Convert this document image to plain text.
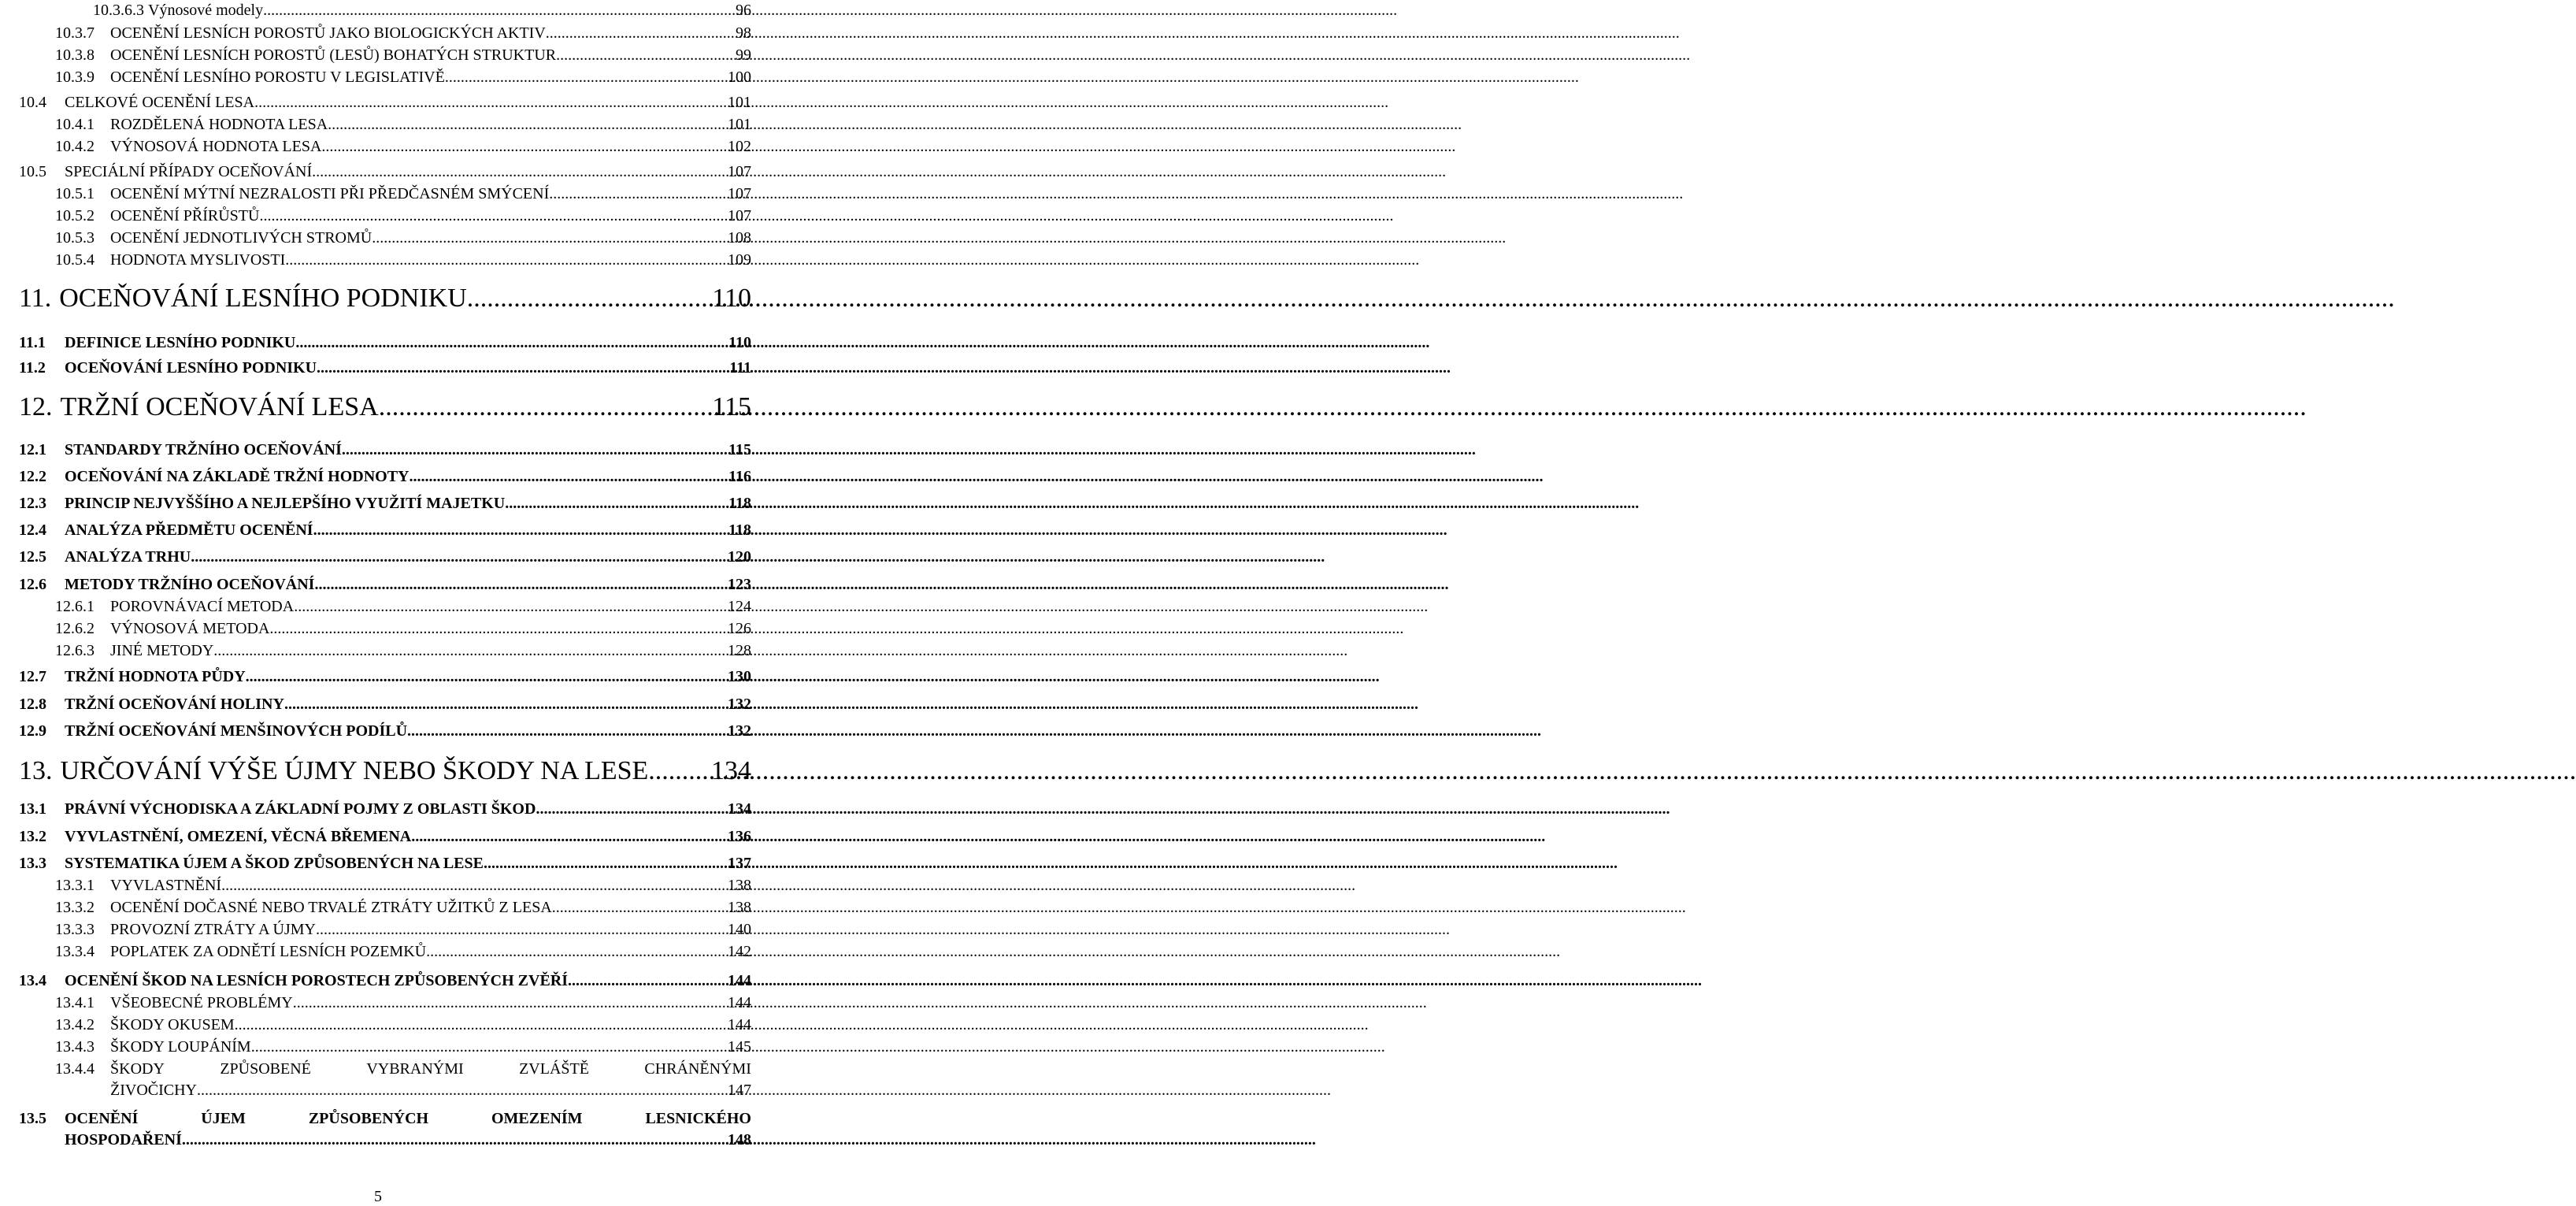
10.3.6.3 Výnosové modely .....	96
10.3.7	OCENĚNÍ LESNÍCH POROSTŮ JAKO BIOLOGICKÝCH AKTIV .....	98
10.3.8	OCENĚNÍ LESNÍCH POROSTŮ (LESŮ) BOHATÝCH STRUKTUR .....	99
10.3.9	OCENĚNÍ LESNÍHO POROSTU V LEGISLATIVĚ .....	100
10.4	CELKOVÉ OCENĚNÍ LESA .....	101
10.4.1	ROZDĚLENÁ HODNOTA LESA .....	101
10.4.2	VÝNOSOVÁ HODNOTA LESA .....	102
10.5	SPECIÁLNÍ PŘÍPADY OCEŇOVÁNÍ .....	107
10.5.1	OCENĚNÍ MÝTNÍ NEZRALOSTI PŘI PŘEDČASNÉM SMÝCENÍ .....	107
10.5.2	OCENĚNÍ PŘÍRŮSTŮ .....	107
10.5.3	OCENĚNÍ JEDNOTLIVÝCH STROMŮ .....	108
10.5.4	HODNOTA MYSLIVOSTI .....	109
11. OCEŇOVÁNÍ LESNÍHO PODNIKU .....	110
11.1	DEFINICE LESNÍHO PODNIKU .....	110
11.2	OCEŇOVÁNÍ LESNÍHO PODNIKU .....	111
12. TRŽNÍ OCEŇOVÁNÍ LESA .....	115
12.1	STANDARDY TRŽNÍHO OCEŇOVÁNÍ .....	115
12.2	OCEŇOVÁNÍ NA ZÁKLADĚ TRŽNÍ HODNOTY .....	116
12.3	PRINCIP NEJVYŠŠÍHO A NEJLEPŠÍHO VYUŽITÍ MAJETKU .....	118
12.4	ANALÝZA PŘEDMĚTU OCENĚNÍ .....	118
12.5	ANALÝZA TRHU .....	120
12.6	METODY TRŽNÍHO OCEŇOVÁNÍ .....	123
12.6.1	POROVNÁVACÍ METODA .....	124
12.6.2	VÝNOSOVÁ METODA .....	126
12.6.3	JINÉ METODY .....	128
12.7	TRŽNÍ HODNOTA PŮDY .....	130
12.8	TRŽNÍ OCEŇOVÁNÍ HOLINY .....	132
12.9	TRŽNÍ OCEŇOVÁNÍ MENŠINOVÝCH PODÍLŮ .....	132
13. URČOVÁNÍ VÝŠE ÚJMY NEBO ŠKODY NA LESE ..... 134
13.1	PRÁVNÍ VÝCHODISKA A ZÁKLADNÍ POJMY Z OBLASTI ŠKOD .....	134
13.2	VYVLASTNĚNÍ, OMEZENÍ, VĚCNÁ BŘEMENA .....	136
13.3	SYSTEMATIKA ÚJEM A ŠKOD ZPŮSOBENÝCH NA LESE .....	137
13.3.1	VYVLASTNĚNÍ .....	138
13.3.2	OCENĚNÍ DOČASNÉ NEBO TRVALÉ ZTRÁTY UŽITKŮ Z LESA .....	138
13.3.3	PROVOZNÍ ZTRÁTY A ÚJMY .....	140
13.3.4	POPLATEK ZA ODNĚTÍ LESNÍCH POZEMKŮ .....	142
13.4	OCENĚNÍ ŠKOD NA LESNÍCH POROSTECH ZPŮSOBENÝCH ZVĚŘÍ .....	144
13.4.1	VŠEOBECNÉ PROBLÉMY .....	144
13.4.2	ŠKODY OKUSEM .....	144
13.4.3	ŠKODY LOUPÁNÍM .....	145
13.4.4	ŠKODY	ZPŮSOBENÉ	VYBRANÝMI	ZVLÁŠTĚ	CHRÁNĚNÝMI
ŽIVOČICHY .....	147
13.5	OCENĚNÍ	ÚJEM	ZPŮSOBENÝCH	OMEZENÍM	LESNICKÉHO
HOSPODAŘENÍ .....	148
5
